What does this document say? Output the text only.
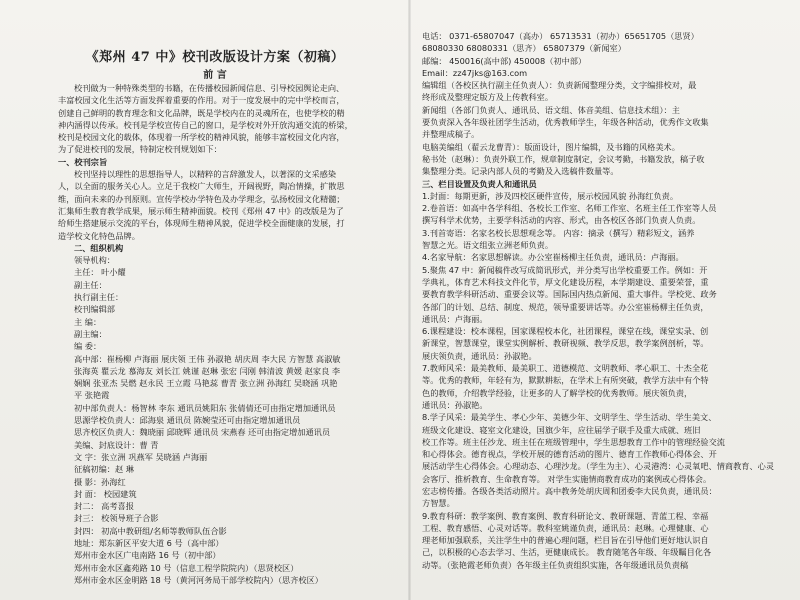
《郑州 47 中》校刊改版设计方案（初稿）
前 言
校刊做为一种特殊类型的书籍，在传播校园新闻信息、引导校园舆论走向、
丰富校园文化生活等方面发挥着重要的作用。对于一度发展中的完中学校而言，
创建自己鲜明的教育理念和文化品牌，既是学校内在的灵魂所在，也使学校的精
神内涵得以传承。校刊是学校宣传自己的窗口，是学校对外开放沟通交流的桥梁，
校刊是校园文化的载体，体现着一所学校的精神风貌，能够丰富校园文化内容，
为了促进校刊的发展，特制定校刊规划如下：
一、校刊宗旨
校刊坚持以理性的思想指导人，以精粹的言辞激发人，以著深的文采感染
人，以全面的服务关心人。立足于我校广大师生，开阔视野，陶冶情操，扩散思
维，面向未来的办刊原则。宣传学校办学特色及办学理念，弘扬校园文化精髓；
汇集师生教育教学成果，展示师生精神面貌。校刊《郑州 47 中》的改版是为了
给师生搭建展示交流的平台，体现师生精神风貌，促进学校全面健康的发展，打
造学校文化特色品牌。
二、组织机构
领导机构：
主任： 叶小耀
副主任：
执行副主任：
校刊编辑部
主 编：
副主编：
编 委：
高中部：崔杨柳 卢海丽 展庆领 王伟 孙淑艳 胡庆周 李大民 方智慧 高淑敏
张海英 瞿云龙 慕海友 刘长江 姚谨 赵琳 张宏 闫刚 韩清波 黄媛 赵家良 李
娴娴 张亚杰 吴燃 赵永民 王立霞 马艳蕊 曹青 张立洲 孙海红 吴晓涵 巩艳
平 张艳霞
初中部负责人：杨智林 李东 通讯员姚阳东 张倩倩还可由指定增加通讯员
思源学校负责人：邱海泉 通讯员 陈婉莹还可由指定增加通讯员
思齐校区负责人：魏晓丽 邱晓辉 通讯员 宋燕春 还可由指定增加通讯员
美编、封底设计：曹 青
文 字：张立洲 巩燕军 吴晓涵 卢海丽
征稿初编：赵 琳
摄 影：孙海红
封 面： 校园建筑
封二： 高考喜报
封三： 校领导班子合影
封四： 初高中教研组/名师等教师队伍合影
地址：郑东新区平安大道 6 号（高中部）
郑州市金水区广电南路 16 号（初中部）
郑州市金水区鑫苑路 10 号（信息工程学院院内）（思贤校区）
郑州市金水区金明路 18 号（黄河河务局干部学校院内）（思齐校区）
电话： 0371-65807047（高办） 65713531（初办）65651705（思贤）
68080330 68080331（思齐） 65807379（新闻室）
邮编： 450016(高中部) 450008（初中部）
Email：zz47jks@163.com
编辑组（各校区执行副主任负责人）：负责新闻整理分类，文字编排校对，最
终形成及整理定版方及上传教科室。
新闻组（各部门负责人、通讯员、语文组、体音美组、信息技术组）：主
要负责深入各年级社团学生活动，优秀教师学生，年级各种活动，优秀作文收集
并整理成稿子。
电脑美编组（翟云龙曹青）：版面设计，图片编辑，及书籍的风格美术。
秘书处（赵琳）：负责外联工作，规章制度制定，会议考勤，书籍发放，稿子收
集整理分类。记录内部人员的考勤及入选稿件数量等。
三、栏目设置及负责人和通讯员
1.封面：每期更新，涉及四校区硬件宣传，展示校园风貌 孙海红负责。
2.卷首语：如高中各学科组、各校长工作室、名师工作室、名班主任工作室等人员
撰写科学术优势，主要学科活动的内容、形式，由各校区各部门负责人负责。
3.刊首寄语：名家名校长思想观念等。 内容：摘录（撰写）精彩短文，涵养
智慧之光。语文组张立洲老师负责。
4.名家导航：名家思想解读。办公室崔杨柳主任负责，通讯员：卢海丽。
5.聚焦 47 中：新闻稿件改写成简讯形式，并分类写出学校重要工作。例如：开
学典礼，体育艺术科技文件化节，厚文化建设历程，本学期建设、重要荣誉，重
要教育教学科研活动、重要会议等。国际国内热点新闻、重大事件。学校党、政务
各部门的计划、总结、制度、规范，领导重要讲话等。办公室崔杨柳主任负责，
通讯员：卢海丽。
6.课程建设：校本课程，国家课程校本化，社团课程，课堂在线，课堂实录、创
新课堂，智慧课堂，课堂实例解析、教研视频、教学反思，教学案例剖析，等。
展庆领负责，通讯员：孙淑艳。
7.教师风采：最美教师、最美职工、道德模范、文明教师、孝心职工、十杰全花
等。优秀的教师，年轻有为，默默耕耘，在学术上有所突破，教学方法中有个特
色的教师，介绍教学经验，让更多的人了解学校的优秀教师。展庆领负责，
通讯员：孙淑艳。
8.学子风采：最美学生、孝心少年、美德少年、文明学生、学生活动、学生美文、
班级文化建设、寝室文化建设，国旗少年，应往届学子联手及重大成就、班旧
校工作等。班主任沙龙、班主任在班级管理中，学生思想教育工作中的管理经验交流
和心得体会。德育视点，学校开展的德育活动的图片、德育工作教师心得体会、开
展活动学生心得体会。心理动态、心理沙龙。（学生为主）、心灵港湾：心灵氧吧、情商教育、心灵
会客厅、推析教育、生命教育等。 对学生实施情商教育成功的案例或心得体会。
宏志榜传播。各级各类活动照片。高中教务处胡庆周和团委李大民负责，通讯员：
方智慧。
9.教育科研：教学案例、教育案例、教育科研论文、教研课题、青蓝工程、幸福
工程、教育感悟、心灵对话等。教科室姚谨负责，通讯员：赵琳。心理健康、心
理老师加强联系，关注学生中的普遍心理问题，栏目旨在引导他们更好地认识自
己，以积极的心态去学习、生活，更健康成长。 教育随笔各年级、年级瞩目化各
动等。（张艳霞老师负责）各年级主任负责组织实施，各年级通讯员负责稿
